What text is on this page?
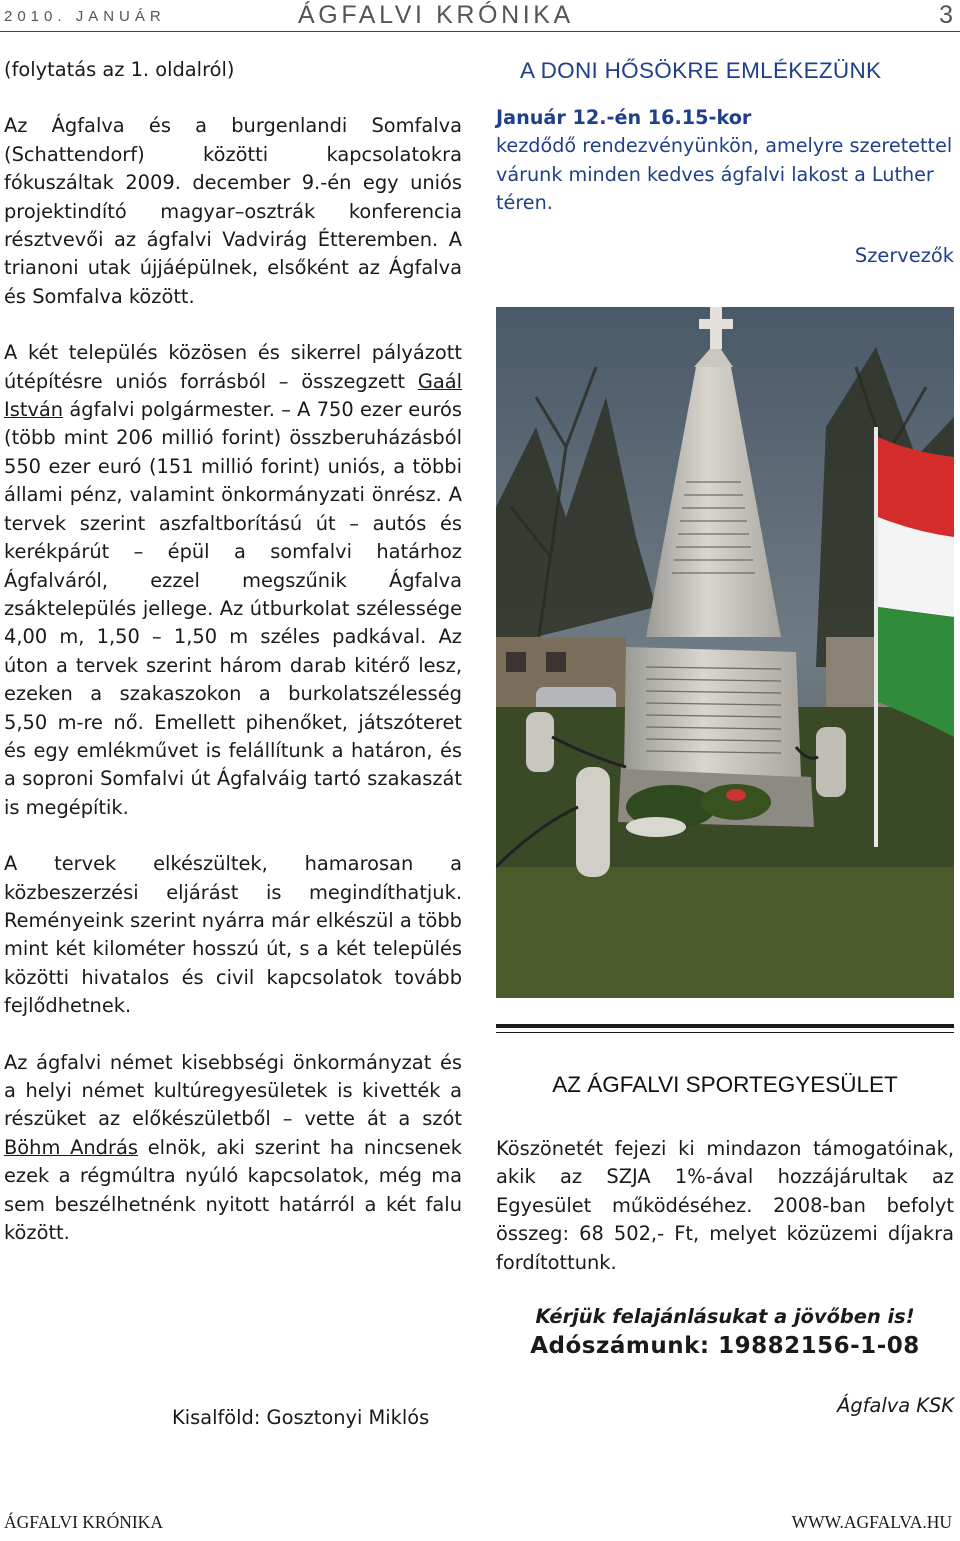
2010. JANUÁR	ÁGFALVI KRÓNIKA	3

(folytatás az 1. oldalról)

Az Ágfalva és a burgenlandi Somfalva (Schattendorf) közötti kapcsolatokra fókuszáltak 2009. december 9.-én egy uniós projektindító magyar–osztrák konferencia résztvevői az ágfalvi Vadvirág Étteremben. A trianoni utak újjáépülnek, elsőként az Ágfalva és Somfalva között.

A két település közösen és sikerrel pályázott útépítésre uniós forrásból – összegzett Gaál István ágfalvi polgármester. – A 750 ezer eurós (több mint 206 millió forint) összberuházásból 550 ezer euró (151 millió forint) uniós, a többi állami pénz, valamint önkormányzati önrész. A tervek szerint aszfaltborítású út – autós és kerékpárút – épül a somfalvi határhoz Ágfalváról, ezzel megszűnik Ágfalva zsáktelepülés jellege. Az útburkolat szélessége 4,00 m, 1,50 – 1,50 m széles padkával. Az úton a tervek szerint három darab kitérő lesz, ezeken a szakaszokon a burkolatszélesség 5,50 m-re nő. Emellett pihenőket, játszóteret és egy emlékművet is felállítunk a határon, és a soproni Somfalvi út Ágfalváig tartó szakaszát is megépítik.

A tervek elkészültek, hamarosan a közbeszerzési eljárást is megindíthatjuk. Reményeink szerint nyárra már elkészül a több mint két kilométer hosszú út, s a két település közötti hivatalos és civil kapcsolatok tovább fejlődhetnek.

Az ágfalvi német kisebbségi önkormányzat és a helyi német kultúregyesületek is kivették a részüket az előkészületből – vette át a szót Böhm András elnök, aki szerint ha nincsenek ezek a régmúltra nyúló kapcsolatok, még ma sem beszélhetnénk nyitott határról a két falu között.

Kisalföld: Gosztonyi Miklós
A DONI HŐSÖKRE EMLÉKEZÜNK

Január 12.-én 16.15-kor

kezdődő rendezvényünkön, amelyre szeretettel várunk minden kedves ágfalvi lakost a Luther téren.

Szervezők
AZ ÁGFALVI SPORTEGYESÜLET

Köszönetét fejezi ki mindazon támogatóinak, akik az SZJA 1%-ával hozzájárultak az Egyesület működéséhez. 2008-ban befolyt összeg: 68 502,- Ft, melyet közüzemi díjakra fordítottunk.

Kérjük felajánlásukat a jövőben is!
Adószámunk: 19882156-1-08
Ágfalva KSK
ÁGFALVI KRÓNIKA	WWW.AGFALVA.HU
